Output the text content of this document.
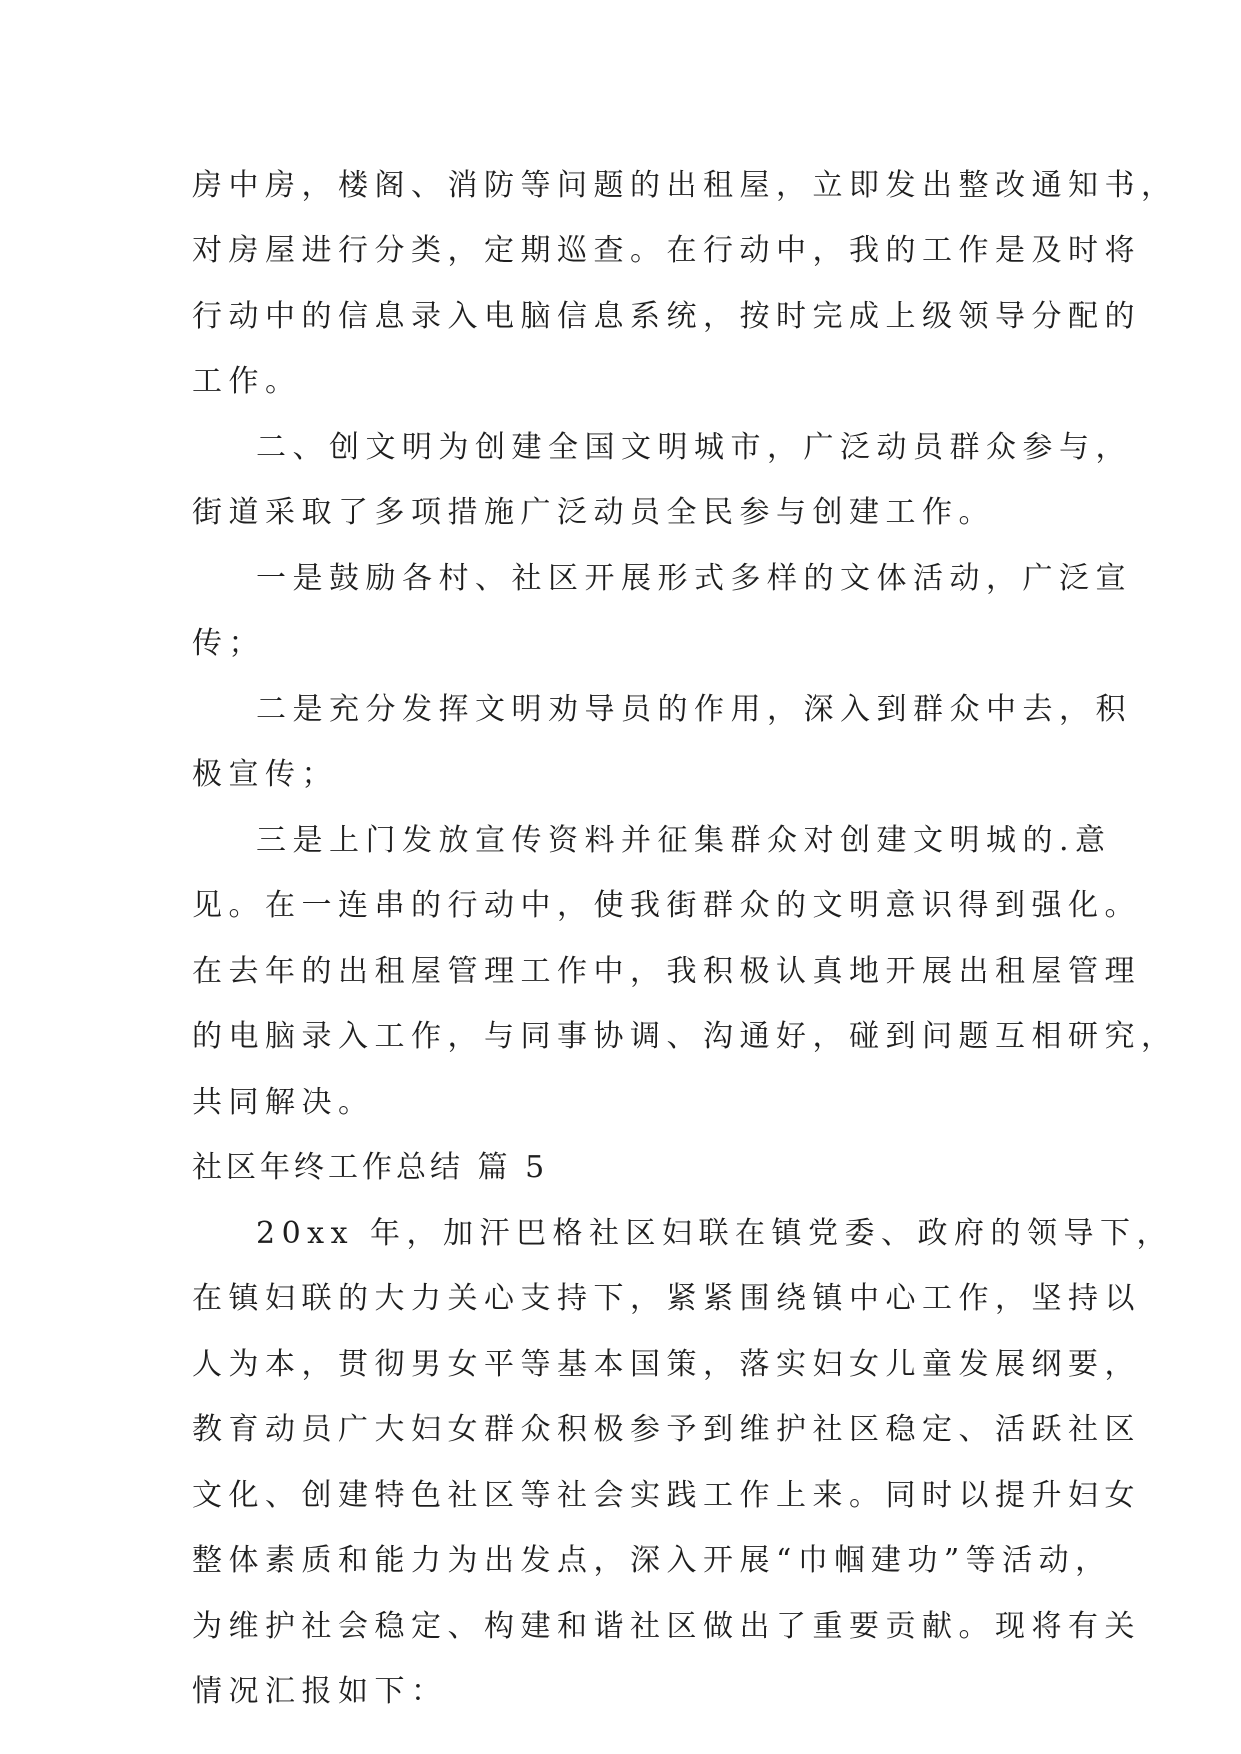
房中房，楼阁、消防等问题的出租屋，立即发出整改通知书，
对房屋进行分类，定期巡查。在行动中，我的工作是及时将
行动中的信息录入电脑信息系统，按时完成上级领导分配的
工作。
二、创文明为创建全国文明城市，广泛动员群众参与，
街道采取了多项措施广泛动员全民参与创建工作。
一是鼓励各村、社区开展形式多样的文体活动，广泛宣
传；
二是充分发挥文明劝导员的作用，深入到群众中去，积
极宣传；
三是上门发放宣传资料并征集群众对创建文明城的.意
见。在一连串的行动中，使我街群众的文明意识得到强化。
在去年的出租屋管理工作中，我积极认真地开展出租屋管理
的电脑录入工作，与同事协调、沟通好，碰到问题互相研究，
共同解决。
社区年终工作总结 篇 5
20xx 年，加汗巴格社区妇联在镇党委、政府的领导下，
在镇妇联的大力关心支持下，紧紧围绕镇中心工作，坚持以
人为本，贯彻男女平等基本国策，落实妇女儿童发展纲要，
教育动员广大妇女群众积极参予到维护社区稳定、活跃社区
文化、创建特色社区等社会实践工作上来。同时以提升妇女
整体素质和能力为出发点，深入开展“巾帼建功”等活动，
为维护社会稳定、构建和谐社区做出了重要贡献。现将有关
情况汇报如下：
